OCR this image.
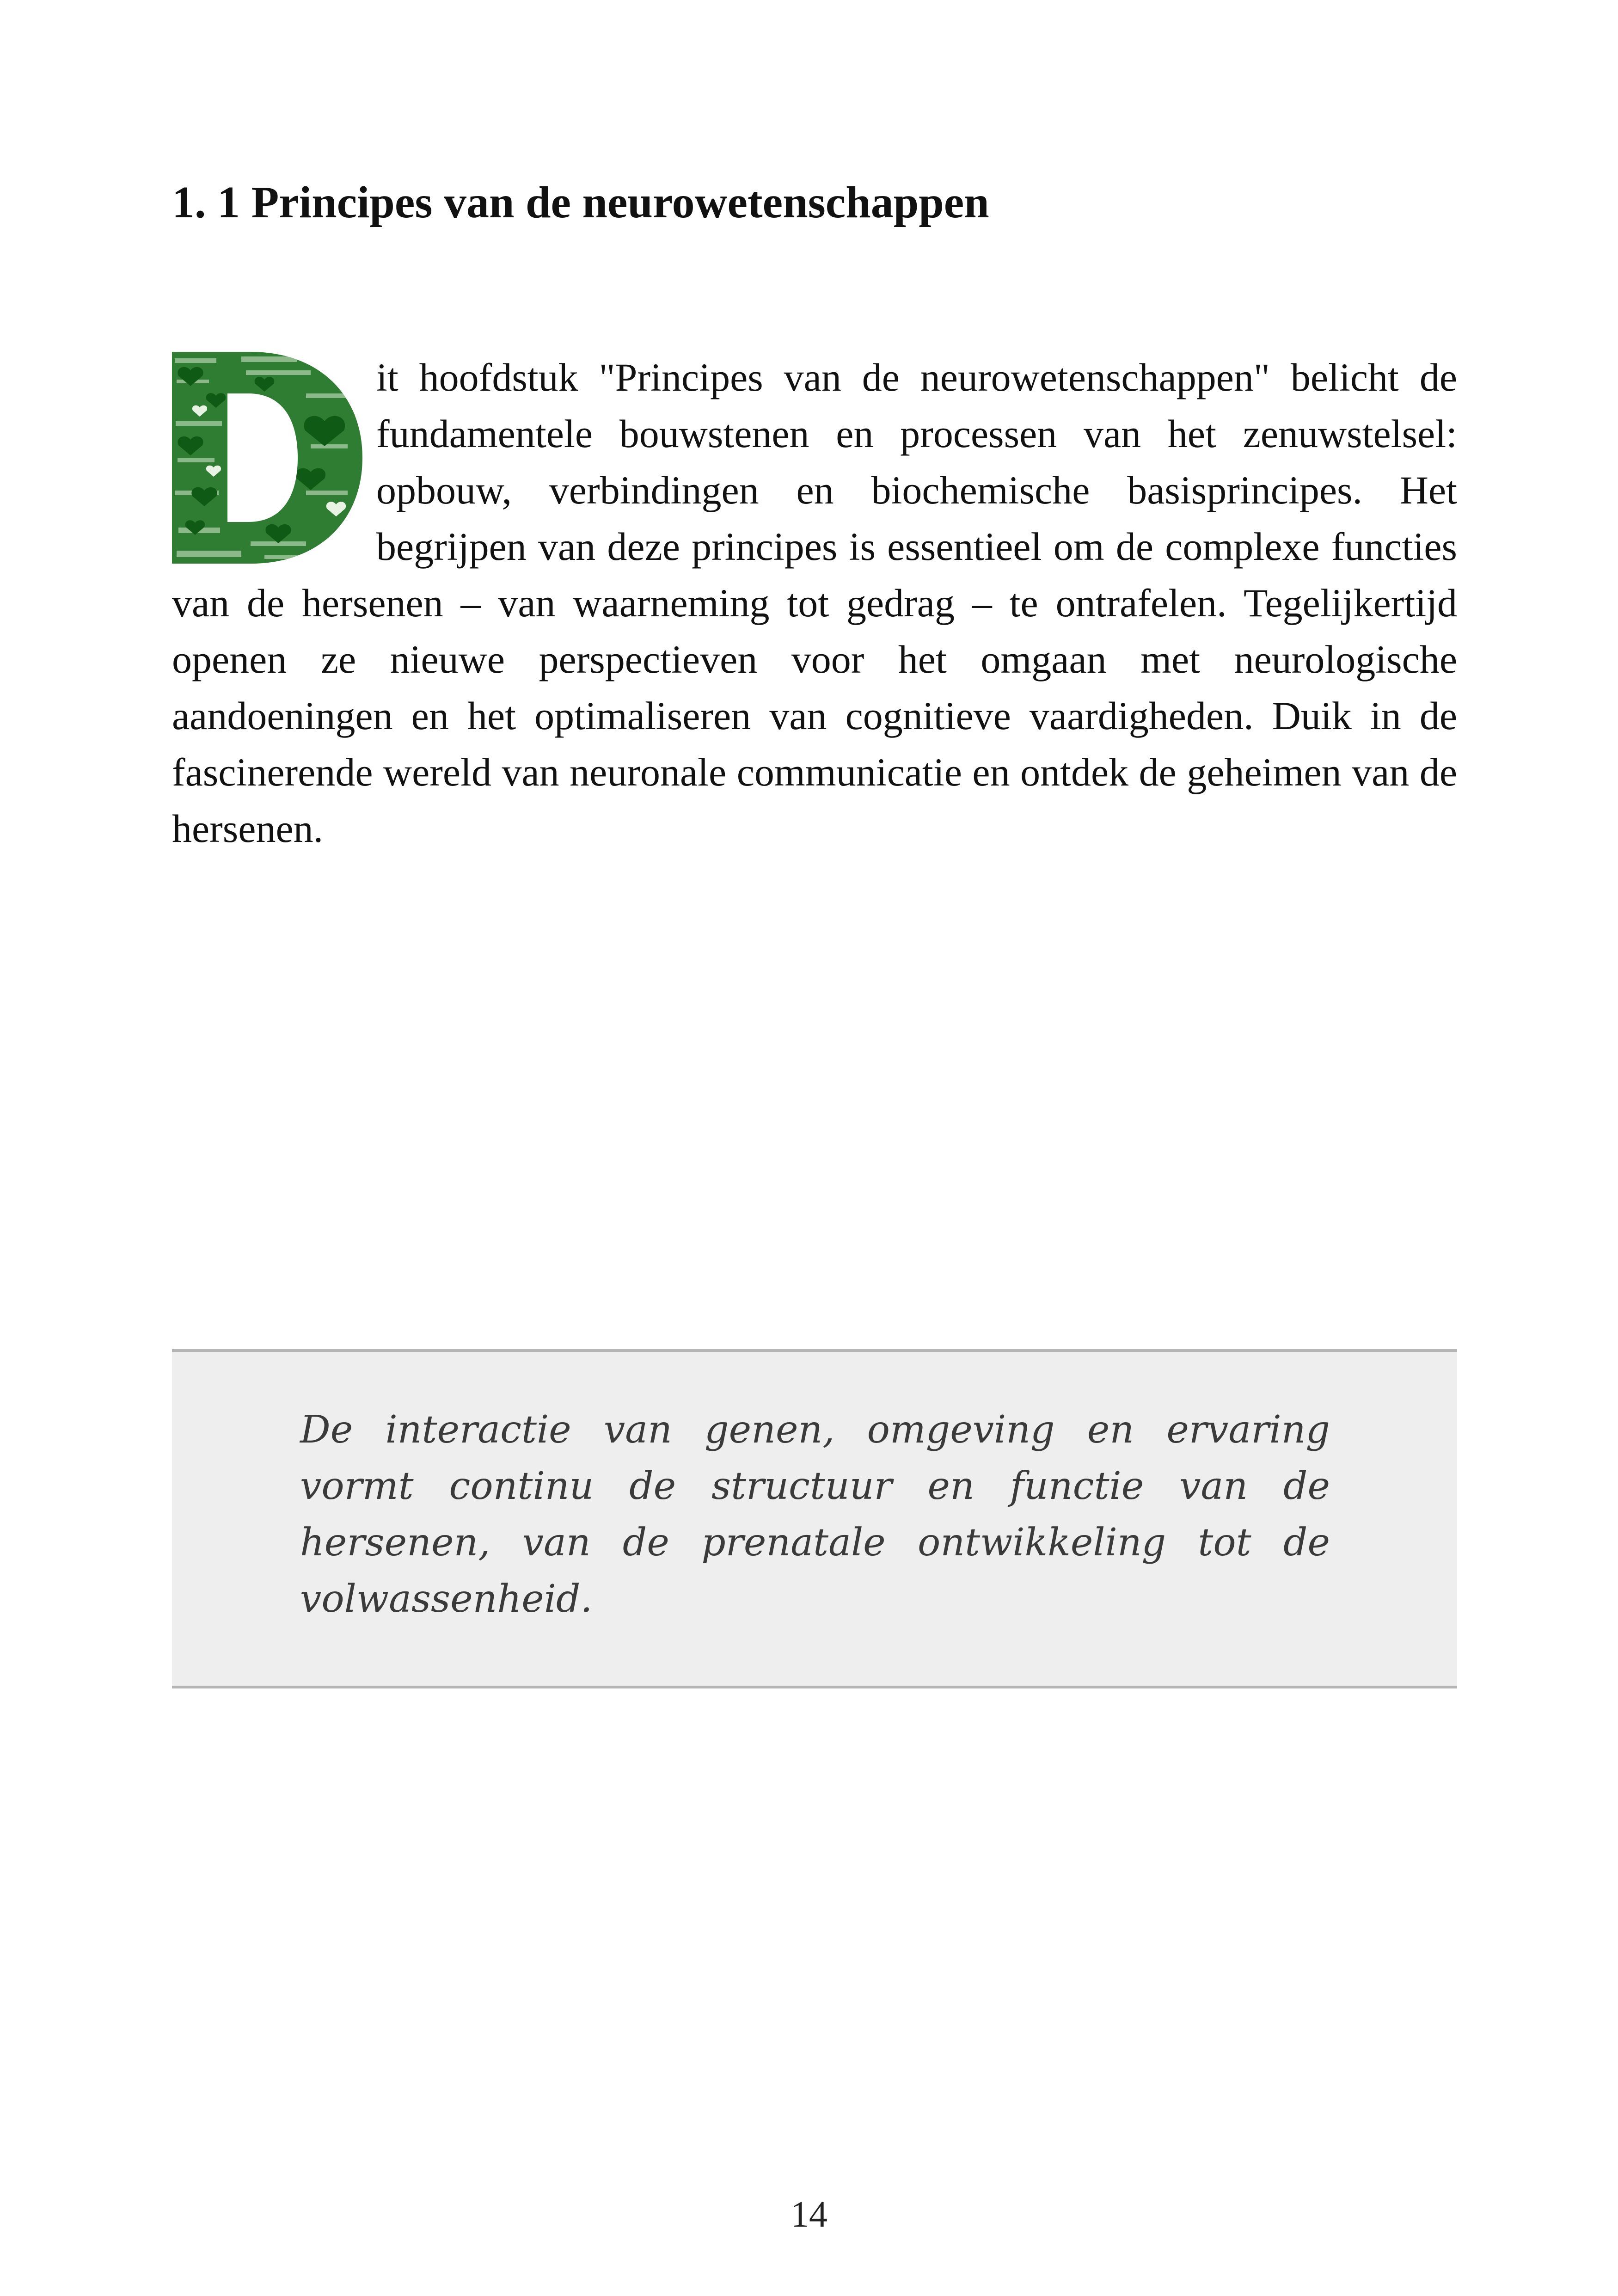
1. 1 Principes van de neurowetenschappen

it hoofdstuk "Principes van de neurowetenschappen" belicht de fundamentele bouwstenen en processen van het zenuwstelsel: opbouw, verbindingen en biochemische basisprincipes. Het begrijpen van deze principes is essentieel om de complexe functies van de hersenen – van waarneming tot gedrag – te ontrafelen. Tegelijkertijd openen ze nieuwe perspectieven voor het omgaan met neurologische aandoeningen en het optimaliseren van cognitieve vaardigheden. Duik in de fascinerende wereld van neuronale communicatie en ontdek de geheimen van de hersenen.

De interactie van genen, omgeving en ervaring vormt continu de structuur en functie van de hersenen, van de prenatale ontwikkeling tot de volwassenheid.

14
